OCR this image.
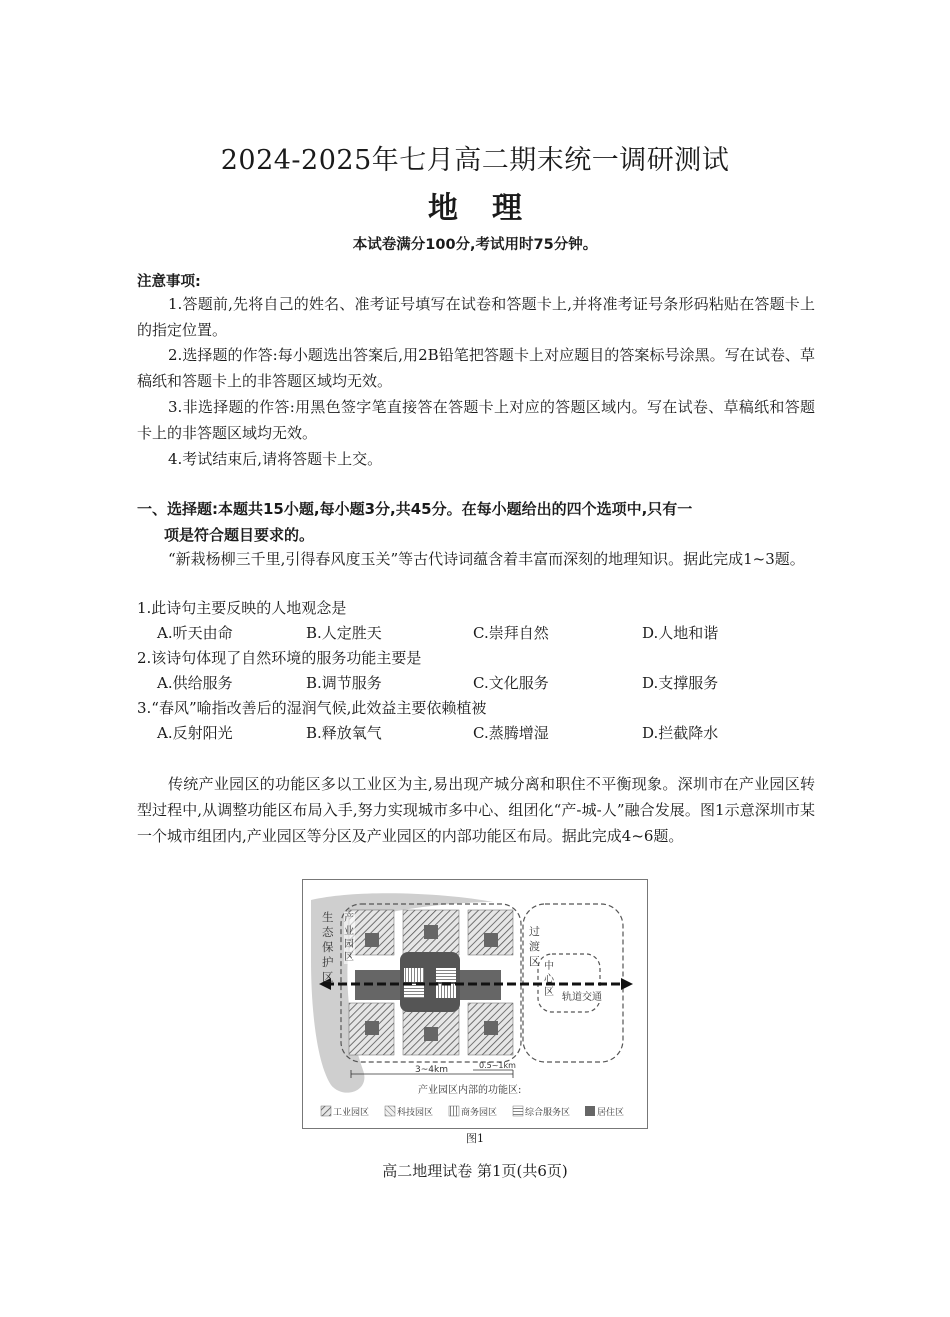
2024-2025年七月高二期末统一调研测试
地理
本试卷满分100分,考试用时75分钟。
注意事项:
1.答题前,先将自己的姓名、准考证号填写在试卷和答题卡上,并将准考证号条形码粘贴在答题卡上的指定位置。
2.选择题的作答:每小题选出答案后,用2B铅笔把答题卡上对应题目的答案标号涂黑。写在试卷、草稿纸和答题卡上的非答题区域均无效。
3.非选择题的作答:用黑色签字笔直接答在答题卡上对应的答题区域内。写在试卷、草稿纸和答题卡上的非答题区域均无效。
4.考试结束后,请将答题卡上交。
一、选择题:本题共15小题,每小题3分,共45分。在每小题给出的四个选项中,只有一
项是符合题目要求的。
“新栽杨柳三千里,引得春风度玉关”等古代诗词蕴含着丰富而深刻的地理知识。据此完成1~3题。
1.此诗句主要反映的人地观念是
A.听天由命	B.人定胜天	C.崇拜自然	D.人地和谐
2.该诗句体现了自然环境的服务功能主要是
A.供给服务	B.调节服务	C.文化服务	D.支撑服务
3.“春风”喻指改善后的湿润气候,此效益主要依赖植被
A.反射阳光	B.释放氧气	C.蒸腾增湿	D.拦截降水
传统产业园区的功能区多以工业区为主,易出现产城分离和职住不平衡现象。深圳市在产业园区转型过程中,从调整功能区布局入手,努力实现城市多中心、组团化“产-城-人”融合发展。图1示意深圳市某一个城市组团内,产业园区等分区及产业园区的内部功能区布局。据此完成4~6题。
3~4km	0.5~1km
产业园区内部的功能区:
工业园区	科技园区	商务园区	综合服务区	居住区
生态保护区
产业园区
过渡区 中心区 轨道交通
图1
高二地理试卷 第1页(共6页)
